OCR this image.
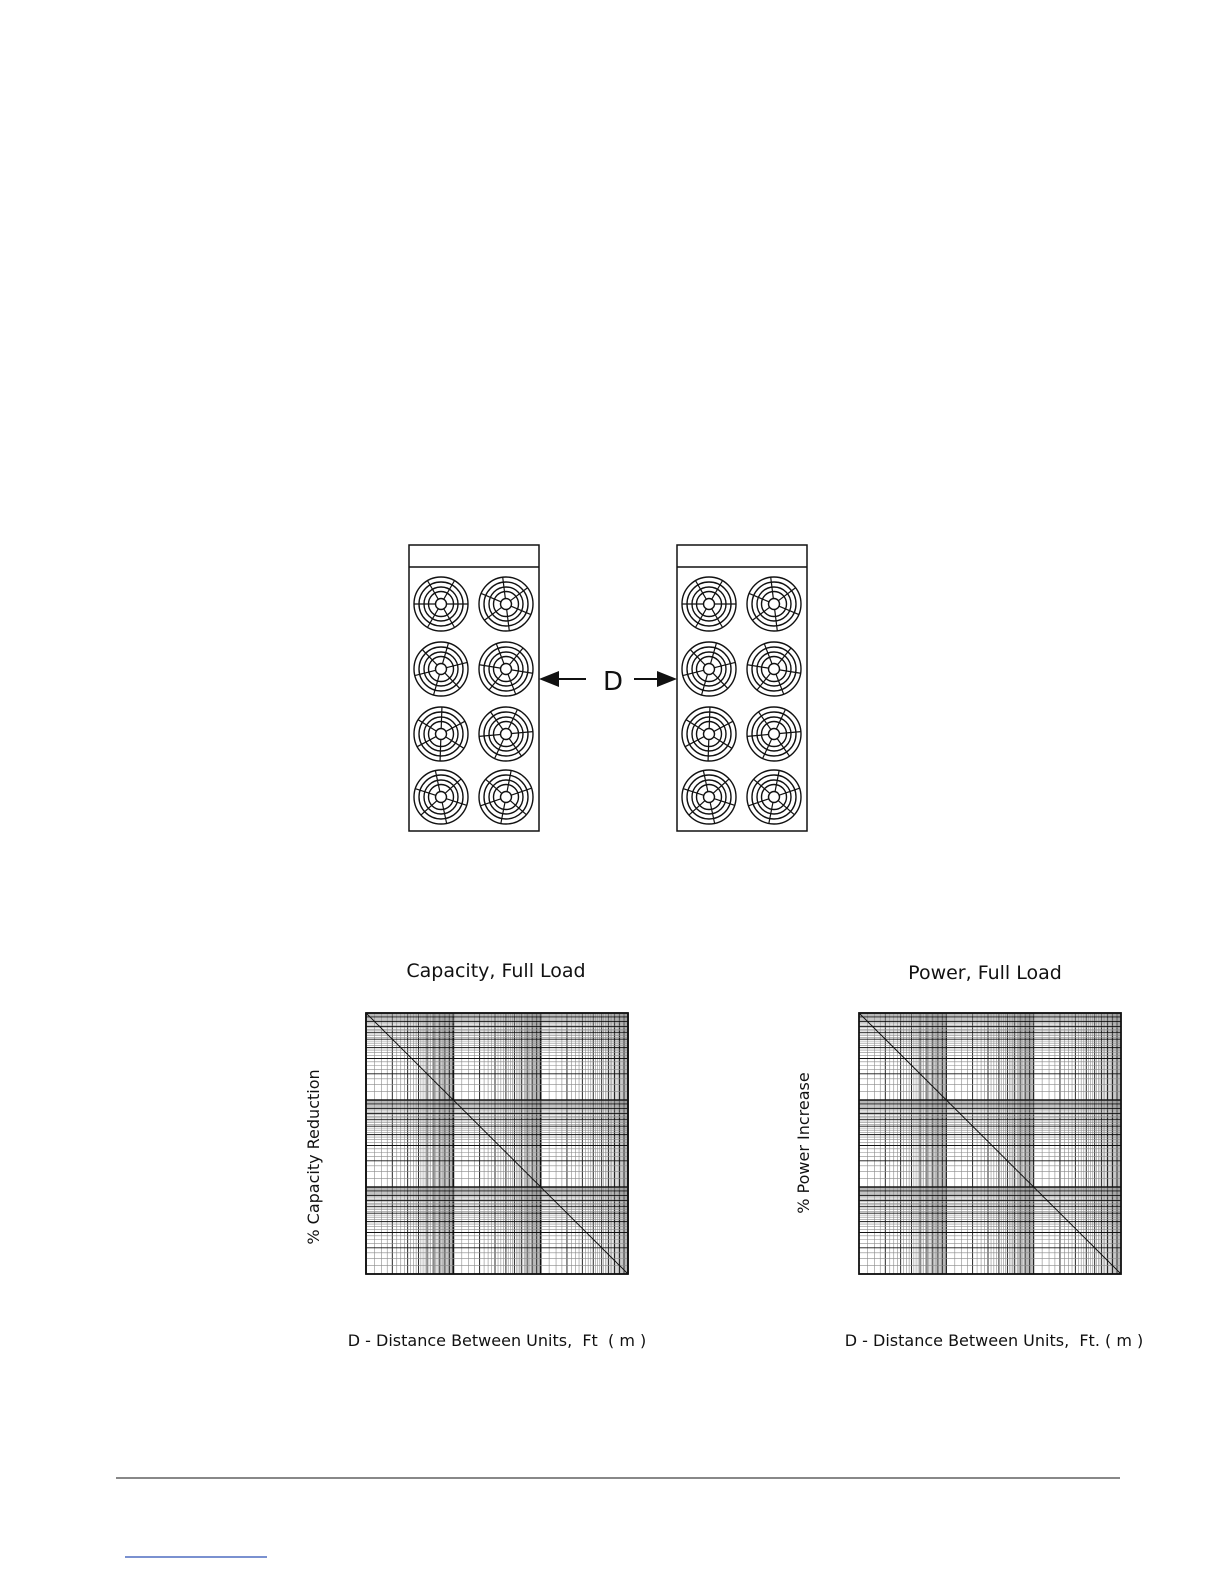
D
Capacity, Full Load
% Capacity Reduction
D - Distance Between Units,  Ft  ( m )
Power, Full Load
% Power Increase
D - Distance Between Units,  Ft. ( m )
